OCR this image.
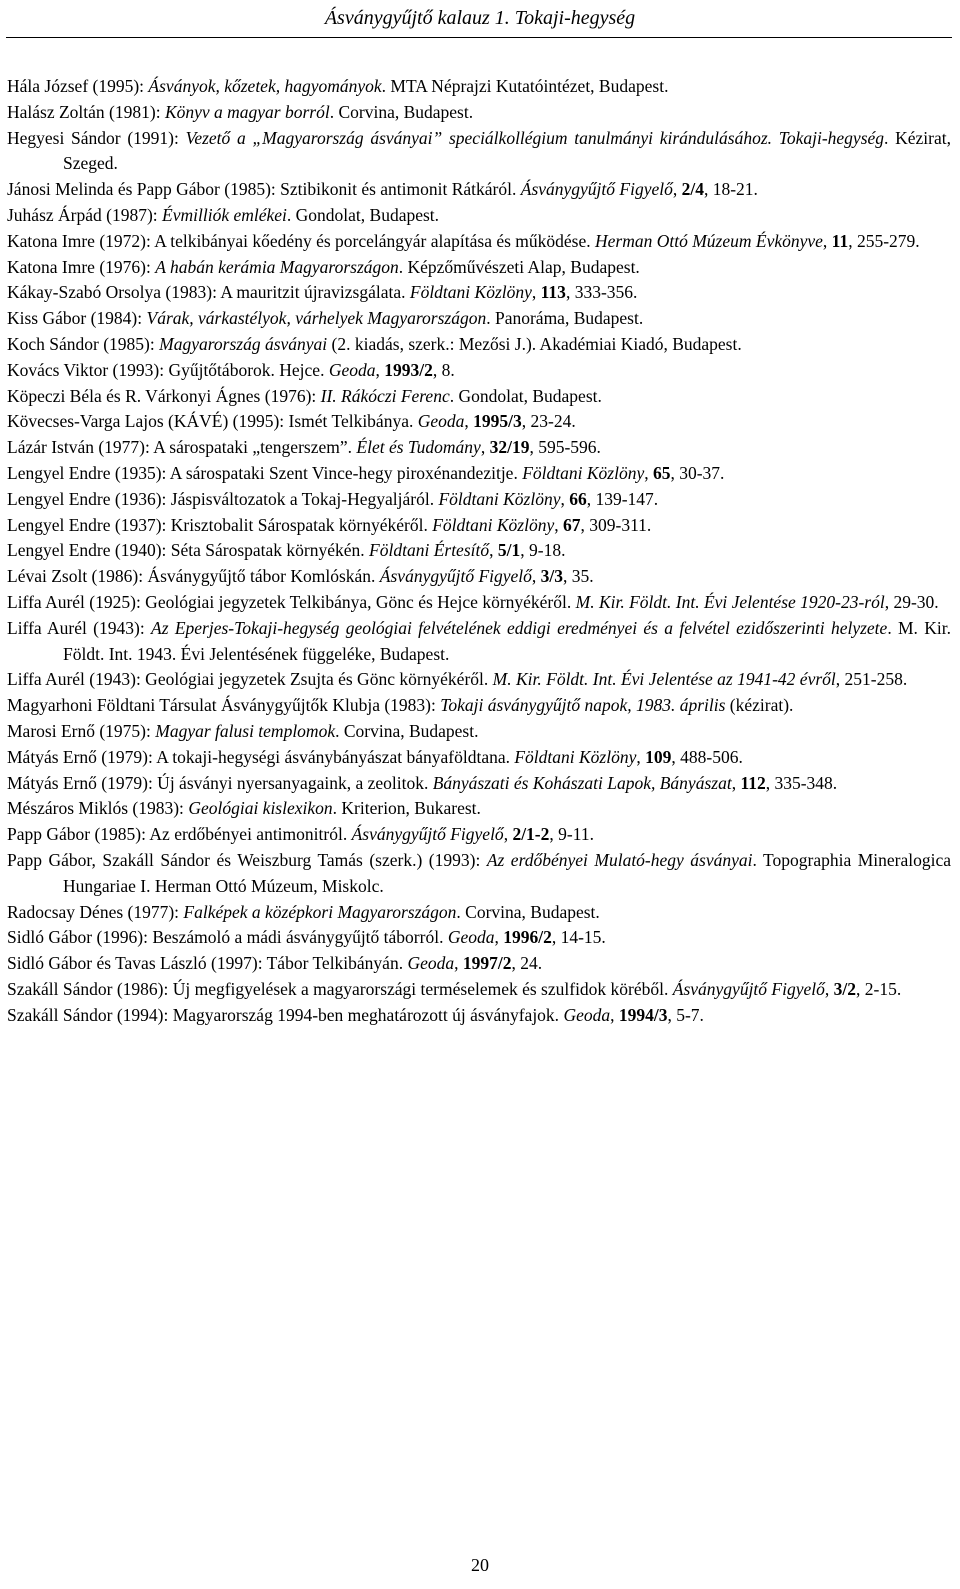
Ásványgyűjtő kalauz 1. Tokaji-hegység
Hála József (1995): Ásványok, kőzetek, hagyományok. MTA Néprajzi Kutatóintézet, Budapest.
Halász Zoltán (1981): Könyv a magyar borról. Corvina, Budapest.
Hegyesi Sándor (1991): Vezető a „Magyarország ásványai” speciálkollégium tanulmányi kirándulásához. Tokaji-hegység. Kézirat, Szeged.
Jánosi Melinda és Papp Gábor (1985): Sztibikonit és antimonit Rátkáról. Ásványgyűjtő Figyelő, 2/4, 18-21.
Juhász Árpád (1987): Évmilliók emlékei. Gondolat, Budapest.
Katona Imre (1972): A telkibányai kőedény és porcelángyár alapítása és működése. Herman Ottó Múzeum Évkönyve, 11, 255-279.
Katona Imre (1976): A habán kerámia Magyarországon. Képzőművészeti Alap, Budapest.
Kákay-Szabó Orsolya (1983): A mauritzit újravizsgálata. Földtani Közlöny, 113, 333-356.
Kiss Gábor (1984): Várak, várkastélyok, várhelyek Magyarországon. Panoráma, Budapest.
Koch Sándor (1985): Magyarország ásványai (2. kiadás, szerk.: Mezősi J.). Akadémiai Kiadó, Budapest.
Kovács Viktor (1993): Gyűjtőtáborok. Hejce. Geoda, 1993/2, 8.
Köpeczi Béla és R. Várkonyi Ágnes (1976): II. Rákóczi Ferenc. Gondolat, Budapest.
Kövecses-Varga Lajos (KÁVÉ) (1995): Ismét Telkibánya. Geoda, 1995/3, 23-24.
Lázár István (1977): A sárospataki „tengerszem”. Élet és Tudomány, 32/19, 595-596.
Lengyel Endre (1935): A sárospataki Szent Vince-hegy piroxénandezitje. Földtani Közlöny, 65, 30-37.
Lengyel Endre (1936): Jáspisváltozatok a Tokaj-Hegyaljáról. Földtani Közlöny, 66, 139-147.
Lengyel Endre (1937): Krisztobalit Sárospatak környékéről. Földtani Közlöny, 67, 309-311.
Lengyel Endre (1940): Séta Sárospatak környékén. Földtani Értesítő, 5/1, 9-18.
Lévai Zsolt (1986): Ásványgyűjtő tábor Komlóskán. Ásványgyűjtő Figyelő, 3/3, 35.
Liffa Aurél (1925): Geológiai jegyzetek Telkibánya, Gönc és Hejce környékéről. M. Kir. Földt. Int. Évi Jelentése 1920-23-ról, 29-30.
Liffa Aurél (1943): Az Eperjes-Tokaji-hegység geológiai felvételének eddigi eredményei és a felvétel ezidőszerinti helyzete. M. Kir. Földt. Int. 1943. Évi Jelentésének függeléke, Budapest.
Liffa Aurél (1943): Geológiai jegyzetek Zsujta és Gönc környékéről. M. Kir. Földt. Int. Évi Jelentése az 1941-42 évről, 251-258.
Magyarhoni Földtani Társulat Ásványgyűjtők Klubja (1983): Tokaji ásványgyűjtő napok, 1983. április (kézirat).
Marosi Ernő (1975): Magyar falusi templomok. Corvina, Budapest.
Mátyás Ernő (1979): A tokaji-hegységi ásványbányászat bányaföldtana. Földtani Közlöny, 109, 488-506.
Mátyás Ernő (1979): Új ásványi nyersanyagaink, a zeolitok. Bányászati és Kohászati Lapok, Bányászat, 112, 335-348.
Mészáros Miklós (1983): Geológiai kislexikon. Kriterion, Bukarest.
Papp Gábor (1985): Az erdőbényei antimonitról. Ásványgyűjtő Figyelő, 2/1-2, 9-11.
Papp Gábor, Szakáll Sándor és Weiszburg Tamás (szerk.) (1993): Az erdőbényei Mulató-hegy ásványai. Topographia Mineralogica Hungariae I. Herman Ottó Múzeum, Miskolc.
Radocsay Dénes (1977): Falképek a középkori Magyarországon. Corvina, Budapest.
Sidló Gábor (1996): Beszámoló a mádi ásványgyűjtő táborról. Geoda, 1996/2, 14-15.
Sidló Gábor és Tavas László (1997): Tábor Telkibányán. Geoda, 1997/2, 24.
Szakáll Sándor (1986): Új megfigyelések a magyarországi terméselemek és szulfidok köréből. Ásványgyűjtő Figyelő, 3/2, 2-15.
Szakáll Sándor (1994): Magyarország 1994-ben meghatározott új ásványfajok. Geoda, 1994/3, 5-7.
20
